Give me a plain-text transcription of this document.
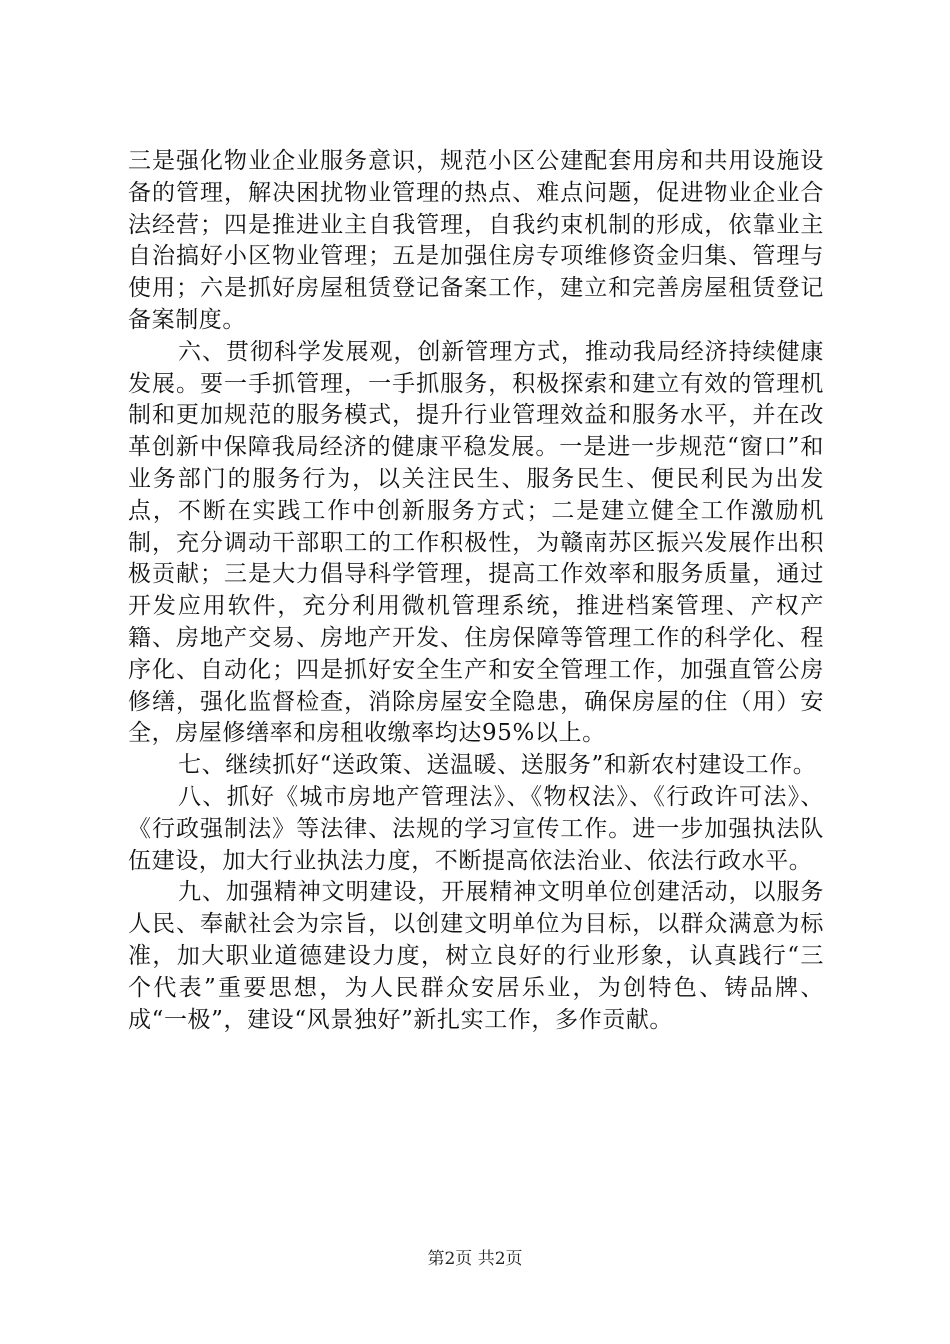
三是强化物业企业服务意识，规范小区公建配套用房和共用设施设备的管理，解决困扰物业管理的热点、难点问题，促进物业企业合法经营；四是推进业主自我管理，自我约束机制的形成，依靠业主自治搞好小区物业管理；五是加强住房专项维修资金归集、管理与使用；六是抓好房屋租赁登记备案工作，建立和完善房屋租赁登记备案制度。

六、贯彻科学发展观，创新管理方式，推动我局经济持续健康发展。要一手抓管理，一手抓服务，积极探索和建立有效的管理机制和更加规范的服务模式，提升行业管理效益和服务水平，并在改革创新中保障我局经济的健康平稳发展。一是进一步规范“窗口”和业务部门的服务行为，以关注民生、服务民生、便民利民为出发点，不断在实践工作中创新服务方式；二是建立健全工作激励机制，充分调动干部职工的工作积极性，为赣南苏区振兴发展作出积极贡献；三是大力倡导科学管理，提高工作效率和服务质量，通过开发应用软件，充分利用微机管理系统，推进档案管理、产权产籍、房地产交易、房地产开发、住房保障等管理工作的科学化、程序化、自动化；四是抓好安全生产和安全管理工作，加强直管公房修缮，强化监督检查，消除房屋安全隐患，确保房屋的住（用）安全，房屋修缮率和房租收缴率均达95%以上。

七、继续抓好“送政策、送温暖、送服务”和新农村建设工作。

八、抓好《城市房地产管理法》、《物权法》、《行政许可法》、《行政强制法》等法律、法规的学习宣传工作。进一步加强执法队伍建设，加大行业执法力度，不断提高依法治业、依法行政水平。

九、加强精神文明建设，开展精神文明单位创建活动，以服务人民、奉献社会为宗旨，以创建文明单位为目标，以群众满意为标准，加大职业道德建设力度，树立良好的行业形象，认真践行“三个代表”重要思想，为人民群众安居乐业，为创特色、铸品牌、成“一极”，建设“风景独好”新扎实工作，多作贡献。

第2页 共2页
